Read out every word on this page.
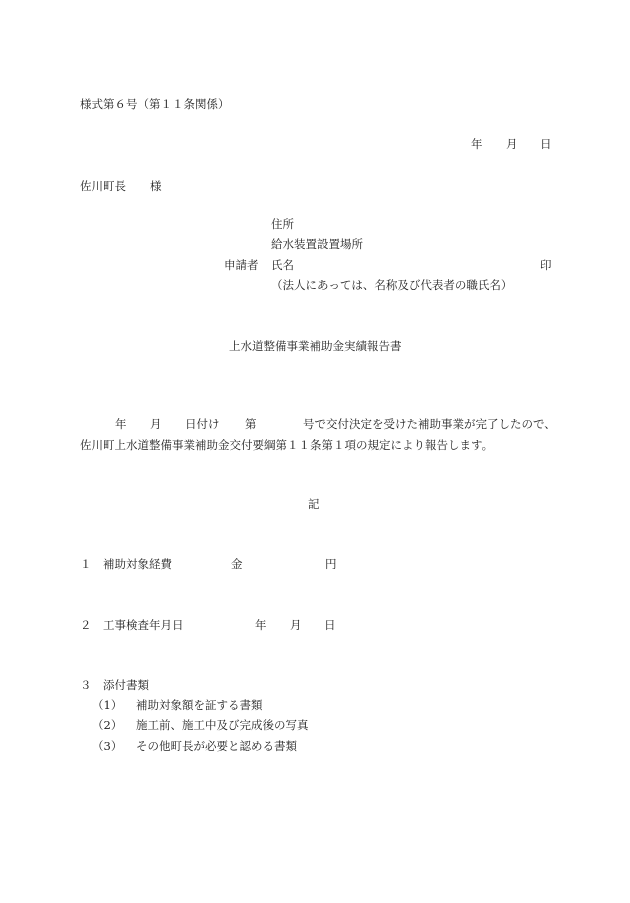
様式第６号（第１１条関係）
年 月 日
佐川町長 様
住所
給水装置設置場所
申請者 氏名	印
（法人にあっては、名称及び代表者の職氏名）
上水道整備事業補助金実績報告書
年 月 日付け 第	号で交付決定を受けた補助事業が完了したので、
佐川町上水道整備事業補助金交付要綱第１１条第１項の規定により報告します。
記
１ 補助対象経費	金	円
２ 工事検査年月日	年 月 日
３ 添付書類
（1） 補助対象額を証する書類
（2） 施工前、施工中及び完成後の写真
（3） その他町長が必要と認める書類
